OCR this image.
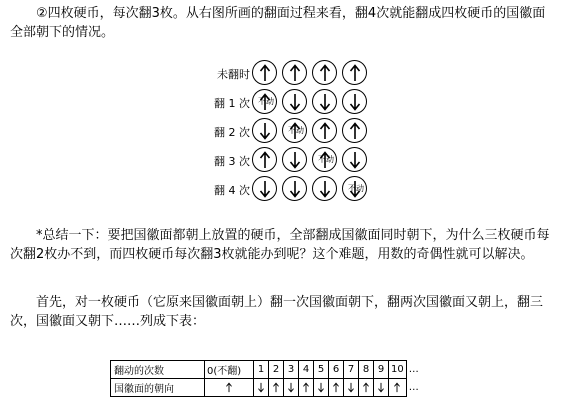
②四枚硬币，每次翻3枚。从右图所画的翻面过程来看，翻4次就能翻成四枚硬币的国徽面全部朝下的情况。
未翻时
翻 1 次 不动
翻 2 次	不动
翻 3 次	不动
翻 4 次	不动
*总结一下：要把国徽面都朝上放置的硬币，全部翻成国徽面同时朝下，为什么三枚硬币每次翻2枚办不到，而四枚硬币每次翻3枚就能办到呢？这个难题，用数的奇偶性就可以解决。
首先，对一枚硬币（它原来国徽面朝上）翻一次国徽面朝下，翻两次国徽面又朝上，翻三次，国徽面又朝下……列成下表：
翻动的次数	0(不翻)	1	2	3	4	5	6	7	8	9	10	…
国徽面的朝向												…
